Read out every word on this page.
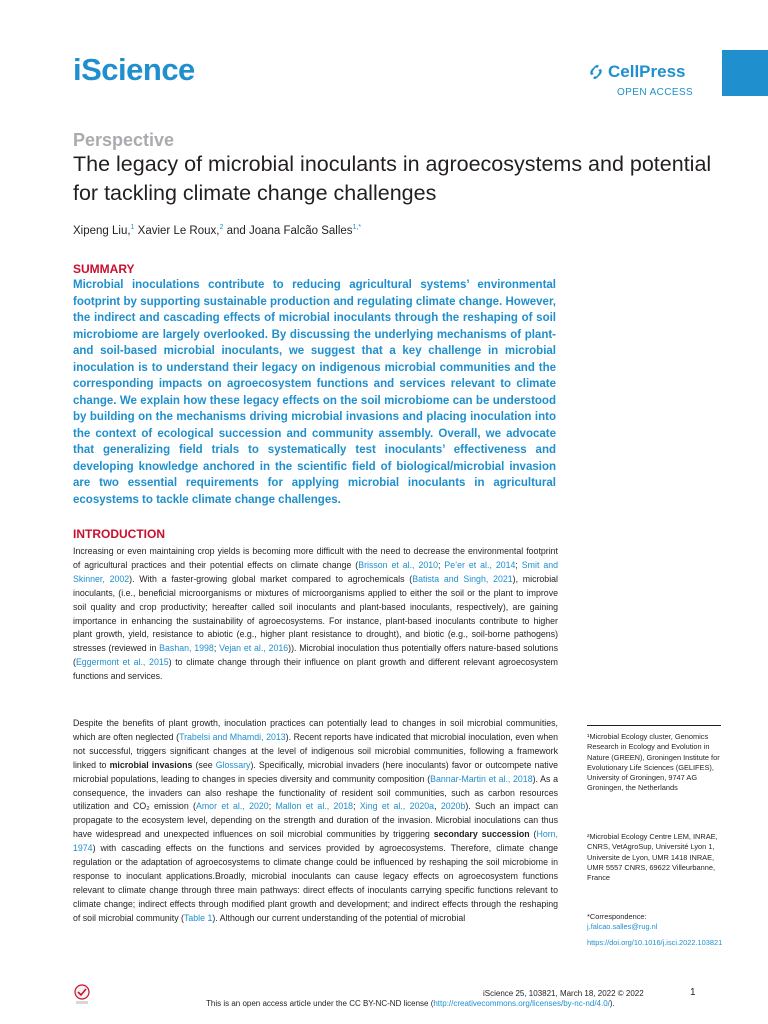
iScience	CellPress
OPEN ACCESS
Perspective
The legacy of microbial inoculants in agroecosystems and potential for tackling climate change challenges
Xipeng Liu,$^1$ Xavier Le Roux,$^2$ and Joana Falcão Salles$^{1,*}$
SUMMARY
Microbial inoculations contribute to reducing agricultural systems’ environmental footprint by supporting sustainable production and regulating climate change. However, the indirect and cascading effects of microbial inoculants through the reshaping of soil microbiome are largely overlooked. By discussing the underlying mechanisms of plant- and soil-based microbial inoculants, we suggest that a key challenge in microbial inoculation is to understand their legacy on indigenous microbial communities and the corresponding impacts on agroecosystem functions and services relevant to climate change. We explain how these legacy effects on the soil microbiome can be understood by building on the mechanisms driving microbial invasions and placing inoculation into the context of ecological succession and community assembly. Overall, we advocate that generalizing field trials to systematically test inoculants’ effectiveness and developing knowledge anchored in the scientific field of biological/microbial invasion are two essential requirements for applying microbial inoculants in agricultural ecosystems to tackle climate change challenges.
INTRODUCTION
Increasing or even maintaining crop yields is becoming more difficult with the need to decrease the environmental footprint of agricultural practices and their potential effects on climate change (Brisson et al., 2010; Pe’er et al., 2014; Smit and Skinner, 2002). With a faster-growing global market compared to agrochemicals (Batista and Singh, 2021), microbial inoculants, (i.e., beneficial microorganisms or mixtures of microorganisms applied to either the soil or the plant to improve soil quality and crop productivity; hereafter called soil inoculants and plant-based inoculants, respectively), are gaining importance in enhancing the sustainability of agroecosystems. For instance, plant-based inoculants contribute to higher plant growth, yield, resistance to abiotic (e.g., higher plant resistance to drought), and biotic (e.g., soil-borne pathogens) stresses (reviewed in Bashan, 1998; Vejan et al., 2016)). Microbial inoculation thus potentially offers nature-based solutions (Eggermont et al., 2015) to climate change through their influence on plant growth and different relevant agroecosystem functions and services.
Despite the benefits of plant growth, inoculation practices can potentially lead to changes in soil microbial communities, which are often neglected (Trabelsi and Mhamdi, 2013). Recent reports have indicated that microbial inoculation, even when not successful, triggers significant changes at the level of indigenous soil microbial communities, following a framework linked to microbial invasions (see Glossary). Specifically, microbial invaders (here inoculants) favor or outcompete native microbial populations, leading to changes in species diversity and community composition (Bannar-Martin et al., 2018). As a consequence, the invaders can also reshape the functionality of resident soil communities, such as carbon resources utilization and CO₂ emission (Amor et al., 2020; Mallon et al., 2018; Xing et al., 2020a, 2020b). Such an impact can propagate to the ecosystem level, depending on the strength and duration of the invasion. Microbial inoculations can thus have widespread and unexpected influences on soil microbial communities by triggering secondary succession (Horn, 1974) with cascading effects on the functions and services provided by agroecosystems. Therefore, climate change regulation or the adaptation of agroecosystems to climate change could be influenced by reshaping the soil microbiome in response to inoculant applications.Broadly, microbial inoculants can cause legacy effects on agroecosystem functions relevant to climate change through three main pathways: direct effects of inoculants carrying specific functions relevant to climate change; indirect effects through modified plant growth and development; and indirect effects through the reshaping of soil microbial community (Table 1). Although our current understanding of the potential of microbial
¹Microbial Ecology cluster, Genomics Research in Ecology and Evolution in Nature (GREEN), Groningen Institute for Evolutionary Life Sciences (GELIFES), University of Groningen, 9747 AG Groningen, the Netherlands
²Microbial Ecology Centre LEM, INRAE, CNRS, VetAgroSup, Université Lyon 1, Universite de Lyon, UMR 1418 INRAE, UMR 5557 CNRS, 69622 Villeurbanne, France
*Correspondence:
j.falcao.salles@rug.nl
https://doi.org/10.1016/j.isci.2022.103821
iScience 25, 103821, March 18, 2022 © 2022	1
This is an open access article under the CC BY-NC-ND license (http://creativecommons.org/licenses/by-nc-nd/4.0/).
